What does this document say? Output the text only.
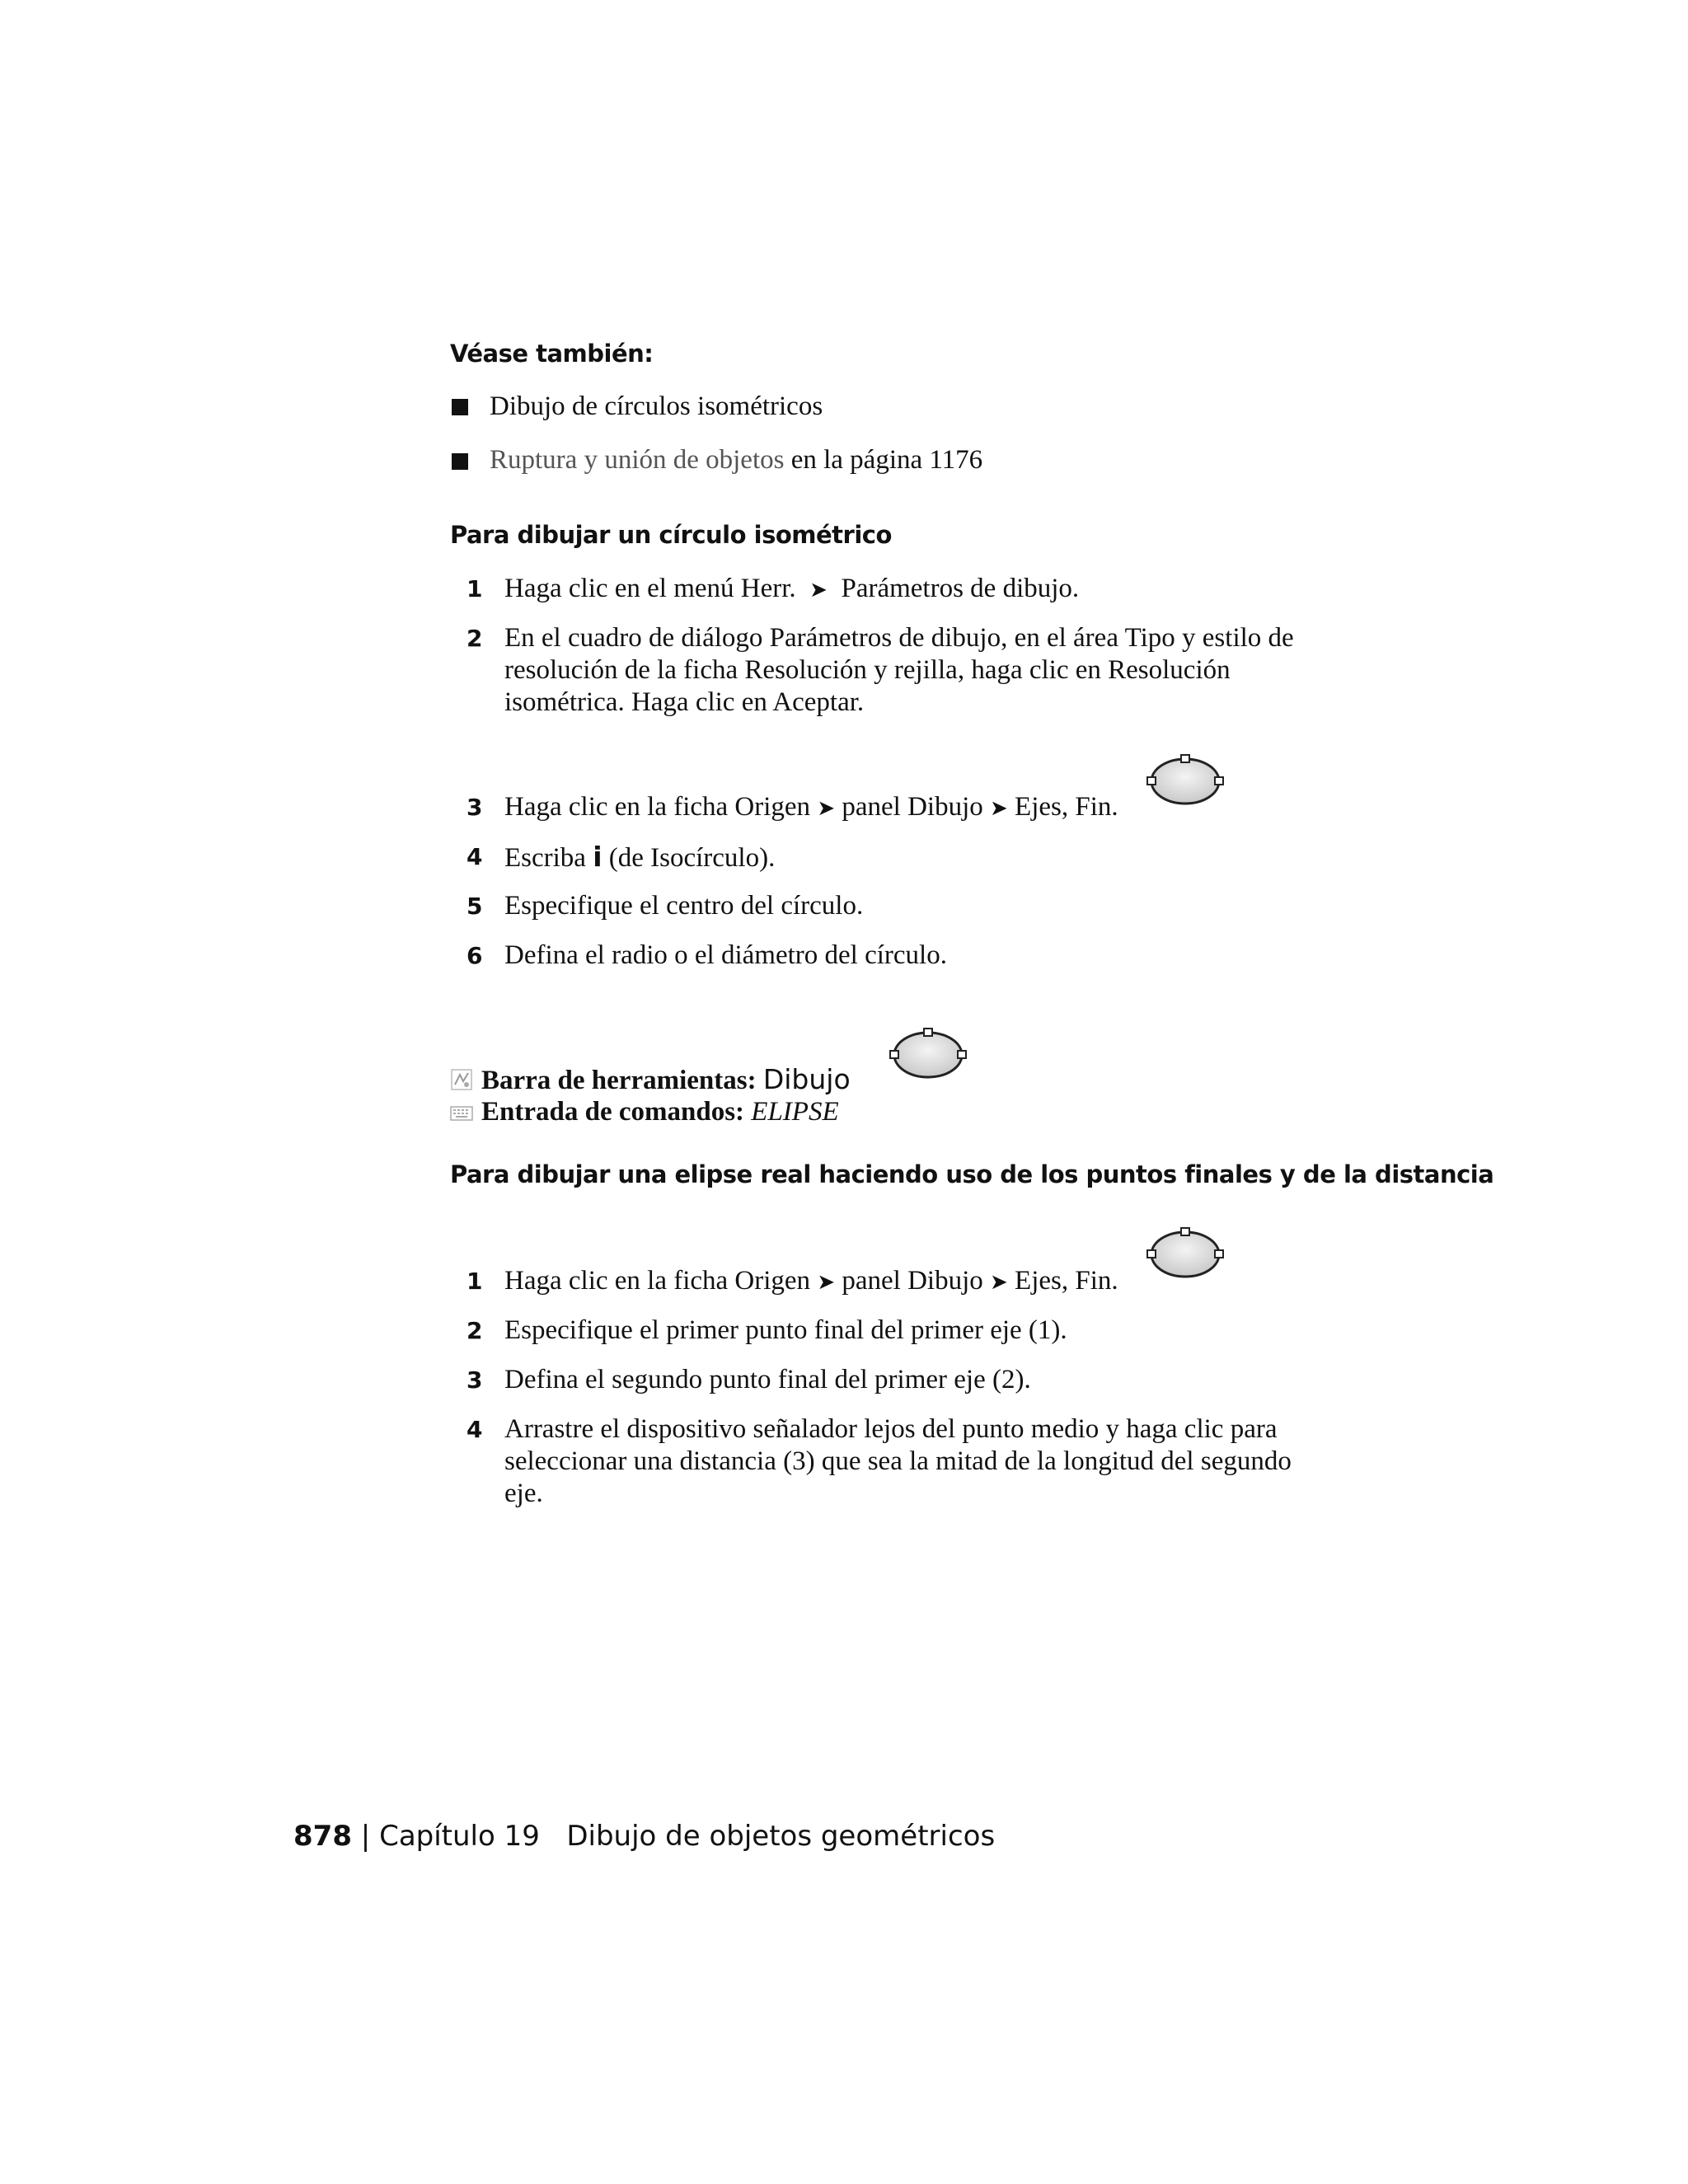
Véase también:
Dibujo de círculos isométricos
Ruptura y unión de objetos en la página 1176
Para dibujar un círculo isométrico
1 Haga clic en el menú Herr. ➤ Parámetros de dibujo.
2 En el cuadro de diálogo Parámetros de dibujo, en el área Tipo y estilo de
resolución de la ficha Resolución y rejilla, haga clic en Resolución
isométrica. Haga clic en Aceptar.
3 Haga clic en la ficha Origen ➤ panel Dibujo ➤ Ejes, Fin.
4 Escriba i (de Isocírculo).
5 Especifique el centro del círculo.
6 Defina el radio o el diámetro del círculo.
Barra de herramientas: Dibujo
Entrada de comandos: ELIPSE
Para dibujar una elipse real haciendo uso de los puntos finales y de la distancia
1 Haga clic en la ficha Origen ➤ panel Dibujo ➤ Ejes, Fin.
2 Especifique el primer punto final del primer eje (1).
3 Defina el segundo punto final del primer eje (2).
4 Arrastre el dispositivo señalador lejos del punto medio y haga clic para
seleccionar una distancia (3) que sea la mitad de la longitud del segundo
eje.
878 | Capítulo 19 Dibujo de objetos geométricos
